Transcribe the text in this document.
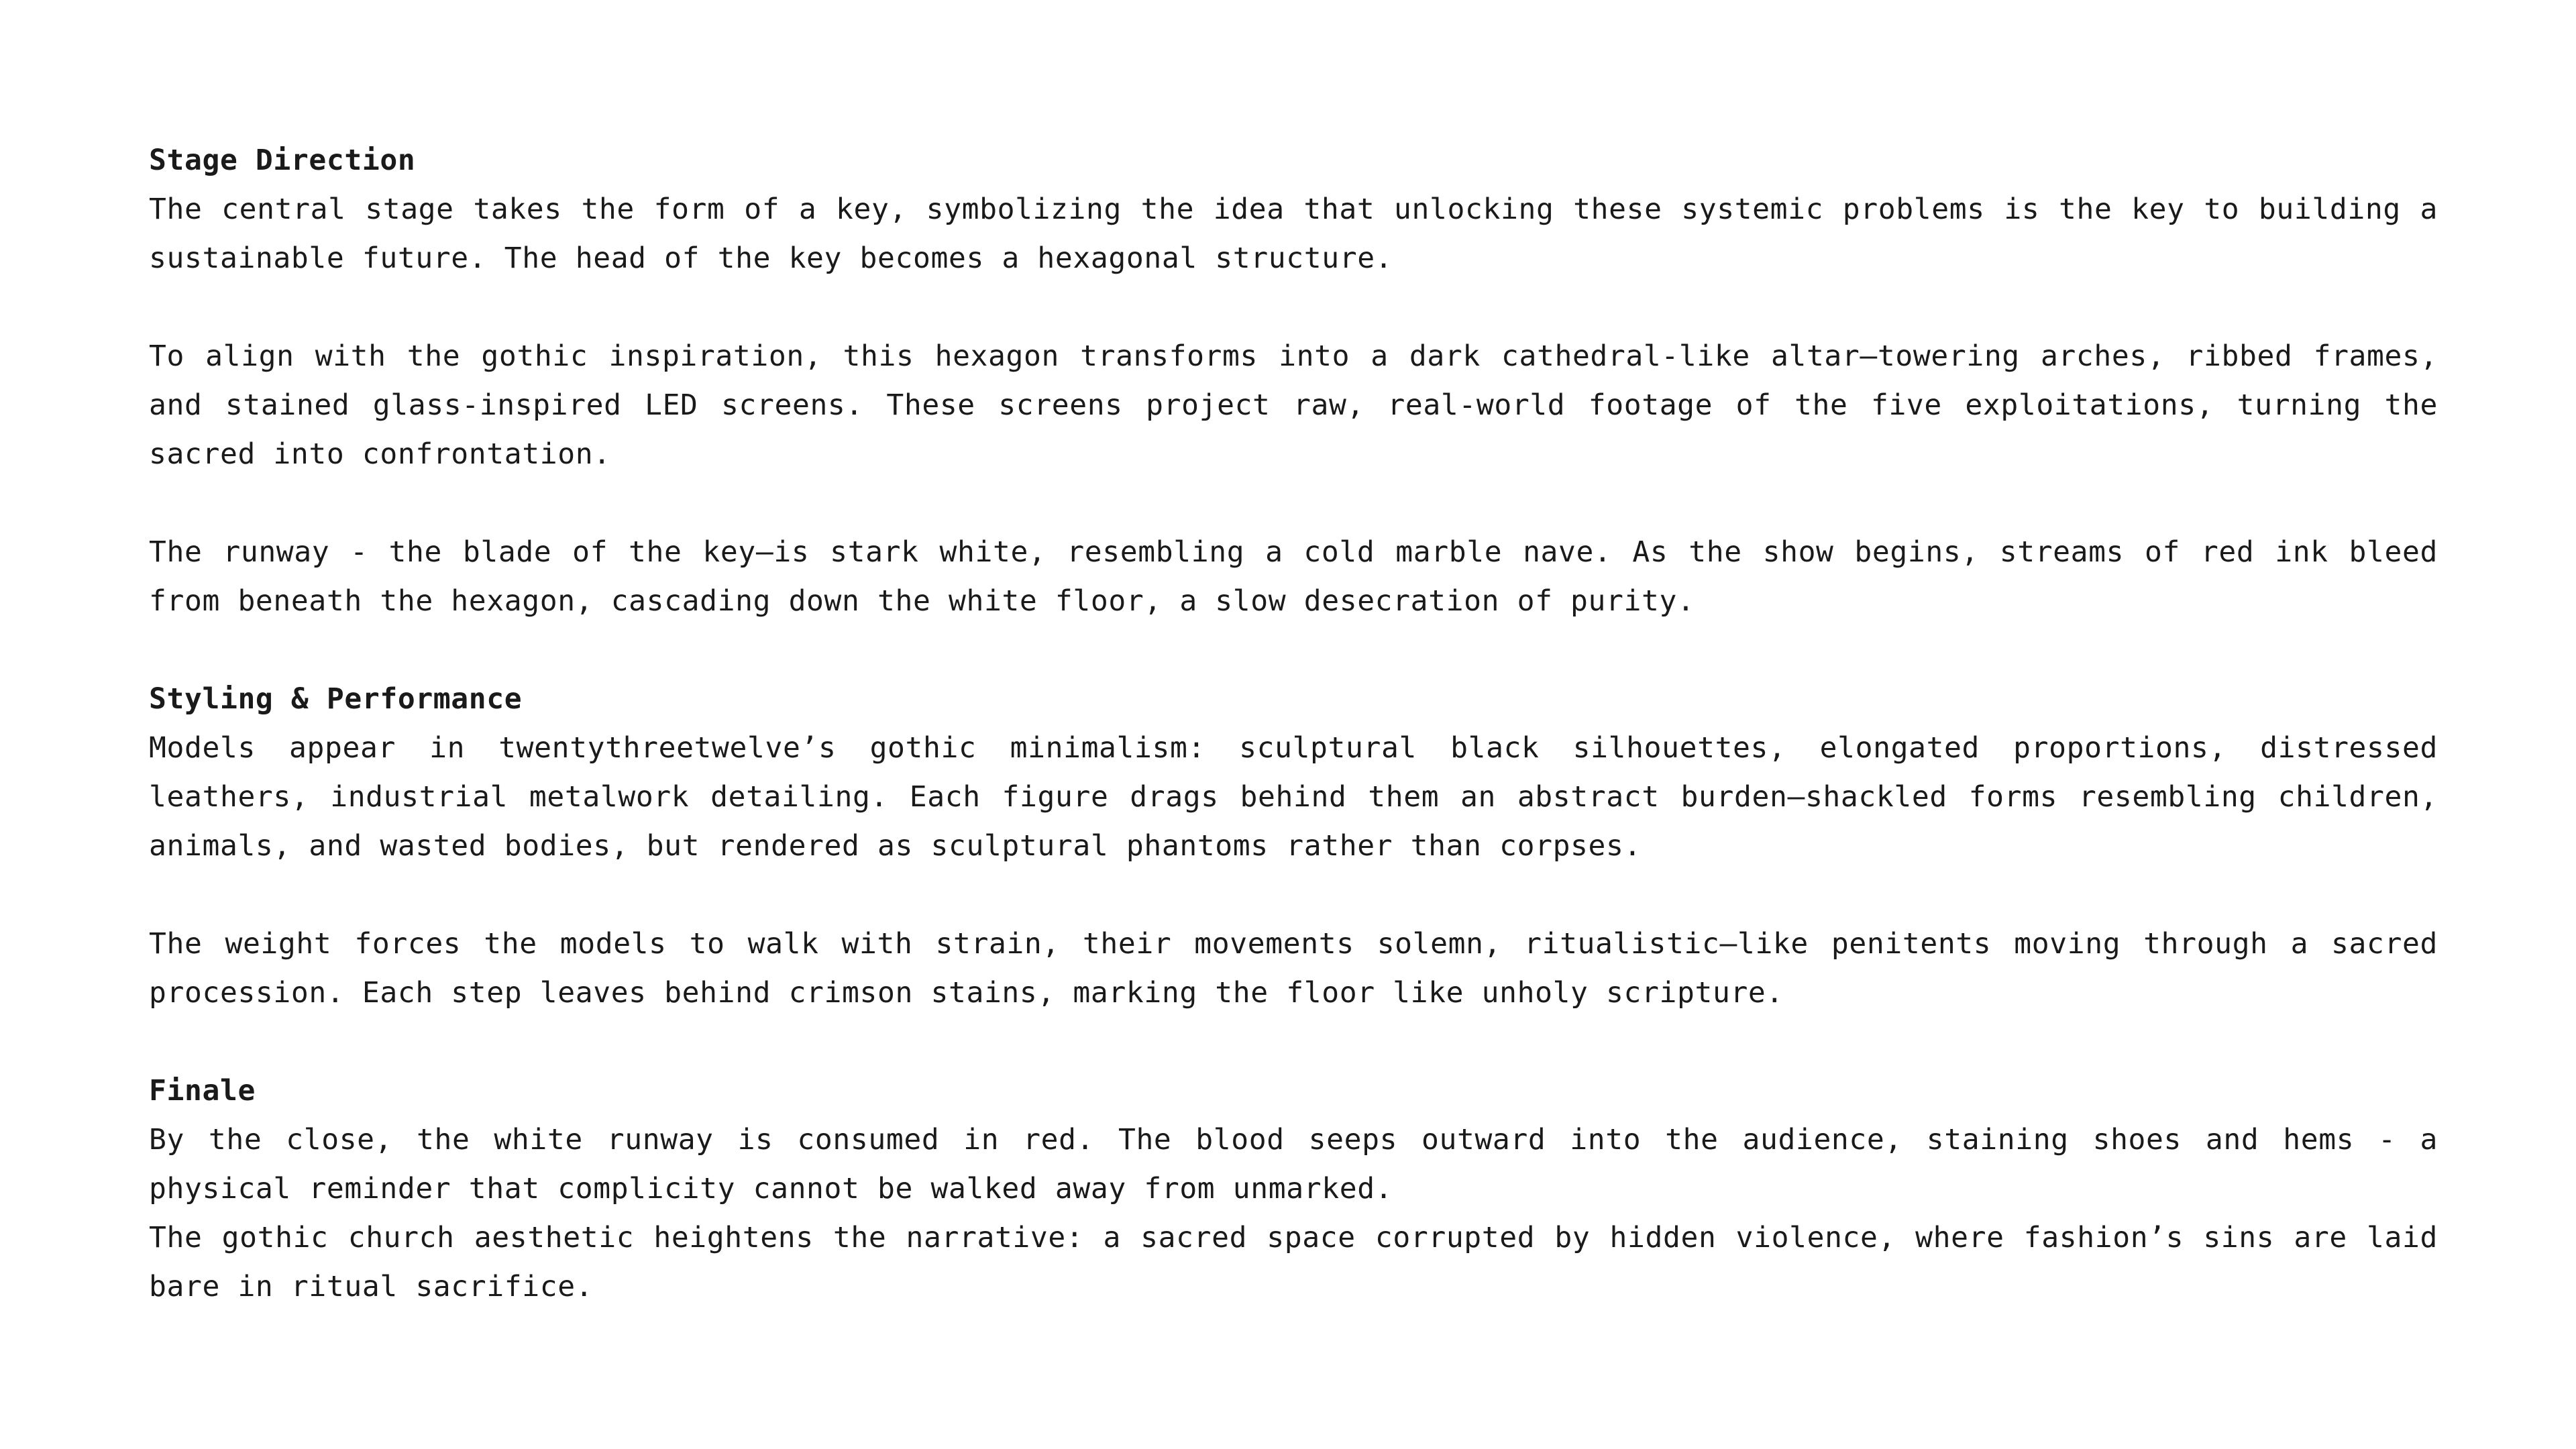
Stage Direction

The central stage takes the form of a key, symbolizing the idea that unlocking these systemic problems is the key to building a sustainable future. The head of the key becomes a hexagonal structure.

To align with the gothic inspiration, this hexagon transforms into a dark cathedral-like altar—towering arches, ribbed frames, and stained glass-inspired LED screens. These screens project raw, real-world footage of the five exploitations, turning the sacred into confrontation.

The runway - the blade of the key—is stark white, resembling a cold marble nave. As the show begins, streams of red ink bleed from beneath the hexagon, cascading down the white floor, a slow desecration of purity.

Styling & Performance

Models appear in twentythreetwelve’s gothic minimalism: sculptural black silhouettes, elongated proportions, distressed leathers, industrial metalwork detailing. Each figure drags behind them an abstract burden—shackled forms resembling children, animals, and wasted bodies, but rendered as sculptural phantoms rather than corpses.

The weight forces the models to walk with strain, their movements solemn, ritualistic—like penitents moving through a sacred procession. Each step leaves behind crimson stains, marking the floor like unholy scripture.

Finale

By the close, the white runway is consumed in red. The blood seeps outward into the audience, staining shoes and hems - a physical reminder that complicity cannot be walked away from unmarked.

The gothic church aesthetic heightens the narrative: a sacred space corrupted by hidden violence, where fashion’s sins are laid bare in ritual sacrifice.
